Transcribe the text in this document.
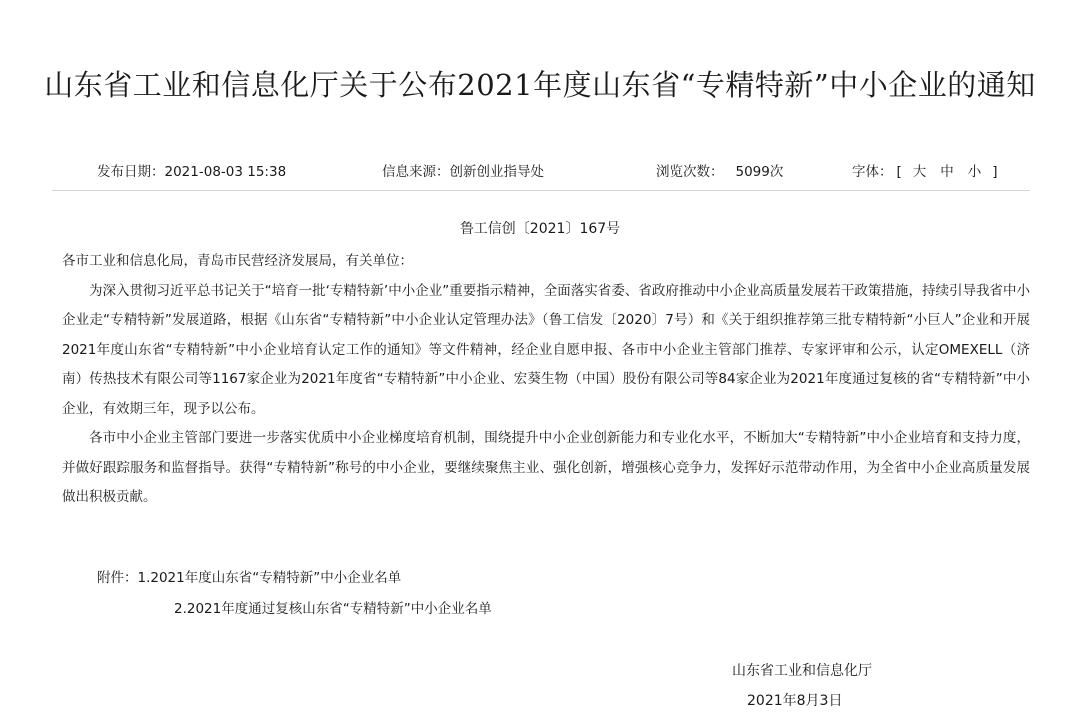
山东省工业和信息化厅关于公布2021年度山东省“专精特新”中小企业的通知
发布日期：2021-08-03 15:38	信息来源：创新创业指导处	浏览次数： 5099次	字体： [ 大 中 小 ]
鲁工信创〔2021〕167号

各市工业和信息化局，青岛市民营经济发展局，有关单位：

为深入贯彻习近平总书记关于“培育一批‘专精特新’中小企业”重要指示精神，全面落实省委、省政府推动中小企业高质量发展若干政策措施，持续引导我省中小企业走“专精特新”发展道路，根据《山东省“专精特新”中小企业认定管理办法》（鲁工信发〔2020〕7号）和《关于组织推荐第三批专精特新“小巨人”企业和开展2021年度山东省“专精特新”中小企业培育认定工作的通知》等文件精神，经企业自愿申报、各市中小企业主管部门推荐、专家评审和公示，认定OMEXELL（济南）传热技术有限公司等1167家企业为2021年度省“专精特新”中小企业、宏葵生物（中国）股份有限公司等84家企业为2021年度通过复核的省“专精特新”中小企业，有效期三年，现予以公布。

各市中小企业主管部门要进一步落实优质中小企业梯度培育机制，围绕提升中小企业创新能力和专业化水平，不断加大“专精特新”中小企业培育和支持力度，并做好跟踪服务和监督指导。获得“专精特新”称号的中小企业，要继续聚焦主业、强化创新，增强核心竞争力，发挥好示范带动作用，为全省中小企业高质量发展做出积极贡献。

附件：1.2021年度山东省“专精特新”中小企业名单
2.2021年度通过复核山东省“专精特新”中小企业名单
山东省工业和信息化厅
2021年8月3日
